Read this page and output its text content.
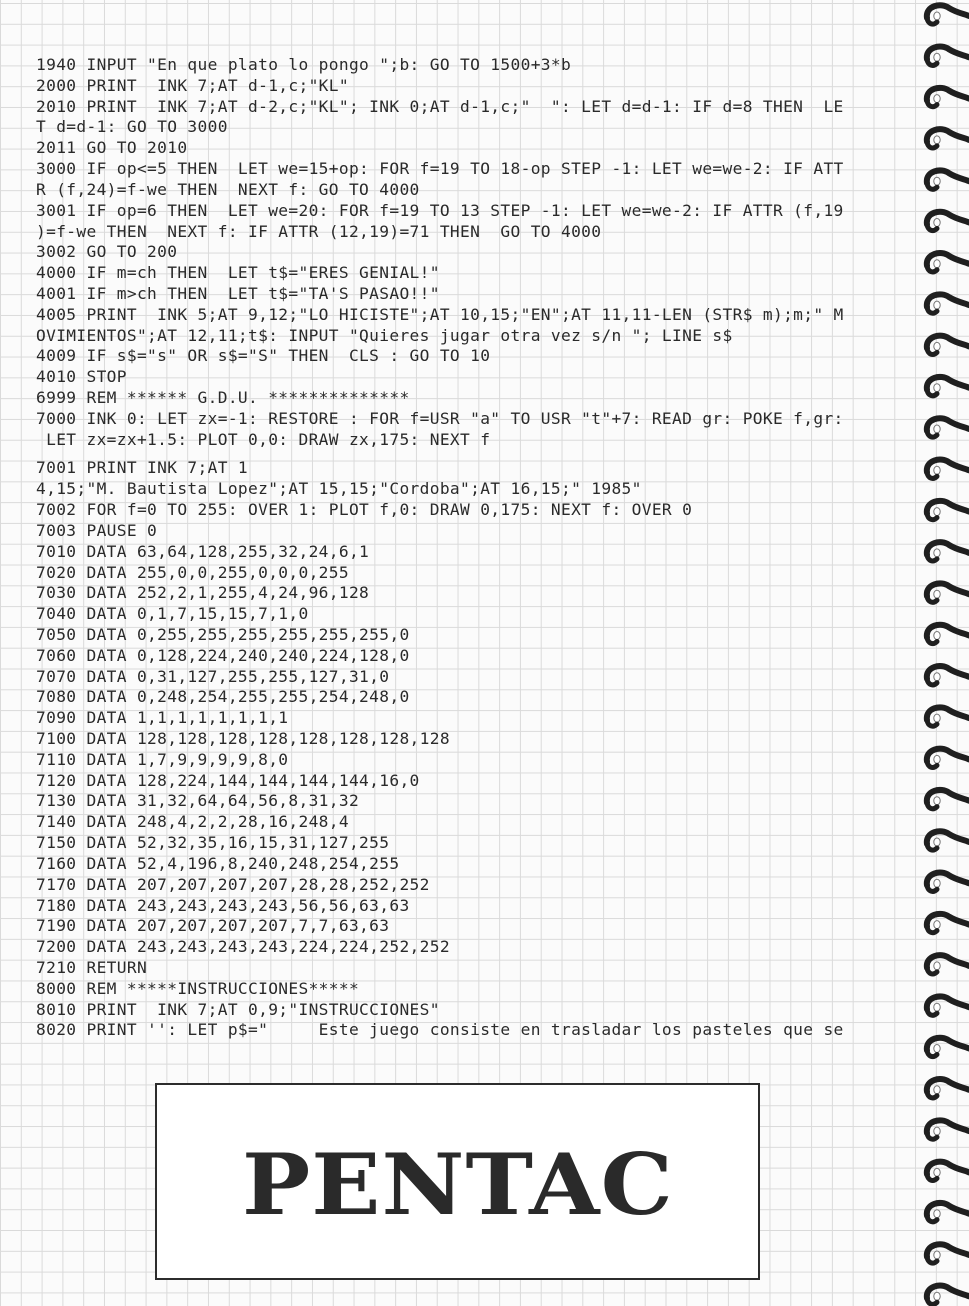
1940 INPUT "En que plato lo pongo ";b: GO TO 1500+3*b
2000 PRINT  INK 7;AT d-1,c;"KL"
2010 PRINT  INK 7;AT d-2,c;"KL"; INK 0;AT d-1,c;"  ": LET d=d-1: IF d=8 THEN  LE
T d=d-1: GO TO 3000
2011 GO TO 2010
3000 IF op<=5 THEN  LET we=15+op: FOR f=19 TO 18-op STEP -1: LET we=we-2: IF ATT
R (f,24)=f-we THEN  NEXT f: GO TO 4000
3001 IF op=6 THEN  LET we=20: FOR f=19 TO 13 STEP -1: LET we=we-2: IF ATTR (f,19
)=f-we THEN  NEXT f: IF ATTR (12,19)=71 THEN  GO TO 4000
3002 GO TO 200
4000 IF m=ch THEN  LET t$="ERES GENIAL!"
4001 IF m>ch THEN  LET t$="TA'S PASAO!!"
4005 PRINT  INK 5;AT 9,12;"LO HICISTE";AT 10,15;"EN";AT 11,11-LEN (STR$ m);m;" M
OVIMIENTOS";AT 12,11;t$: INPUT "Quieres jugar otra vez s/n "; LINE s$
4009 IF s$="s" OR s$="S" THEN  CLS : GO TO 10
4010 STOP
6999 REM ****** G.D.U. **************
7000 INK 0: LET zx=-1: RESTORE : FOR f=USR "a" TO USR "t"+7: READ gr: POKE f,gr:
LET zx=zx+1.5: PLOT 0,0: DRAW zx,175: NEXT f
7001 PRINT INK 7;AT 1
4,15;"M. Bautista Lopez";AT 15,15;"Cordoba";AT 16,15;" 1985"
7002 FOR f=0 TO 255: OVER 1: PLOT f,0: DRAW 0,175: NEXT f: OVER 0
7003 PAUSE 0
7010 DATA 63,64,128,255,32,24,6,1
7020 DATA 255,0,0,255,0,0,0,255
7030 DATA 252,2,1,255,4,24,96,128
7040 DATA 0,1,7,15,15,7,1,0
7050 DATA 0,255,255,255,255,255,255,0
7060 DATA 0,128,224,240,240,224,128,0
7070 DATA 0,31,127,255,255,127,31,0
7080 DATA 0,248,254,255,255,254,248,0
7090 DATA 1,1,1,1,1,1,1,1
7100 DATA 128,128,128,128,128,128,128,128
7110 DATA 1,7,9,9,9,9,8,0
7120 DATA 128,224,144,144,144,144,16,0
7130 DATA 31,32,64,64,56,8,31,32
7140 DATA 248,4,2,2,28,16,248,4
7150 DATA 52,32,35,16,15,31,127,255
7160 DATA 52,4,196,8,240,248,254,255
7170 DATA 207,207,207,207,28,28,252,252
7180 DATA 243,243,243,243,56,56,63,63
7190 DATA 207,207,207,207,7,7,63,63
7200 DATA 243,243,243,243,224,224,252,252
7210 RETURN
8000 REM *****INSTRUCCIONES*****
8010 PRINT  INK 7;AT 0,9;"INSTRUCCIONES"
8020 PRINT '': LET p$="     Este juego consiste en trasladar los pasteles que se
PENTAC
